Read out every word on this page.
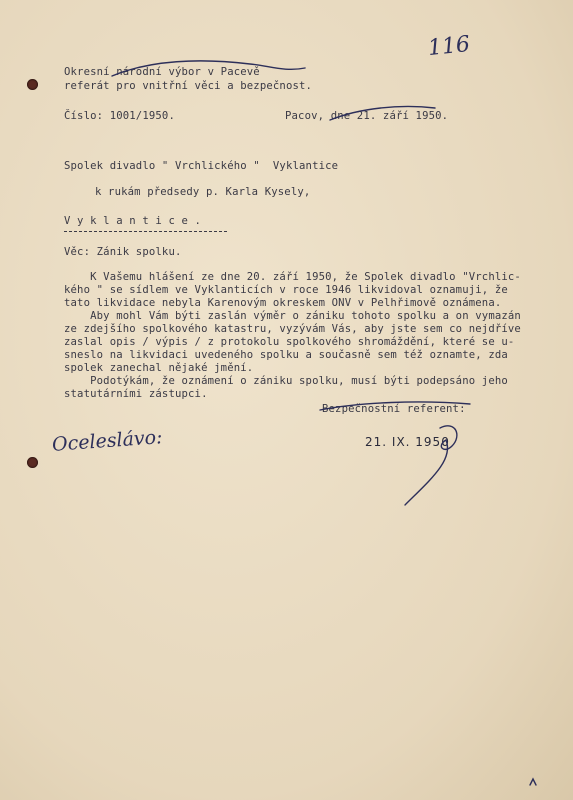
116
Okresní národní výbor v Pacevě
referát pro vnitřní věci a bezpečnost.
Číslo: 1001/1950.	Pacov, dne 21. září 1950.
Spolek divadlo " Vrchlického "  Vyklantice
k rukám předsedy p. Karla Kysely,
V y k l a n t i c e .
Věc: Zánik spolku.
K Vašemu hlášení ze dne 20. září 1950, že Spolek divadlo "Vrchlic-
kého " se sídlem ve Vyklanticích v roce 1946 likvidoval oznamuji, že
tato likvidace nebyla Karenovým okreskem ONV v Pelhřimově oznámena.
Aby mohl Vám býti zaslán výměr o zániku tohoto spolku a on vymazán
ze zdejšího spolkového katastru, vyzývám Vás, aby jste sem co nejdříve
zaslal opis / výpis / z protokolu spolkového shromáždění, které se u-
sneslo na likvidaci uvedeného spolku a současně sem též oznamte, zda
spolek zanechal nějaké jmění.
Podotýkám, že oznámení o zániku spolku, musí býti podepsáno jeho
statutárními zástupci.
Bezpečnostní referent:
Oceleslávo:	21. IX. 1950
